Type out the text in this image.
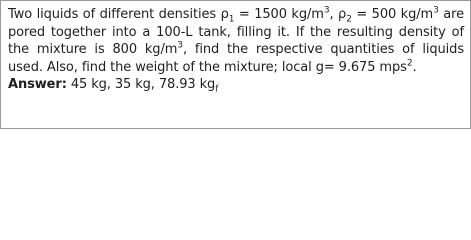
Two liquids of different densities $\rho_1 = 1500$ $kg/m^3$, $\rho_2 = 500$ $kg/m^3$ are pored together into a 100-L tank, filling it. If the resulting density of the mixture is 800 $kg/m^3$, find the respective quantities of liquids used. Also, find the weight of the mixture; local g= 9.675 mps$^2$.

Answer: 45 kg, 35 kg, 78.93 $kg_f$
